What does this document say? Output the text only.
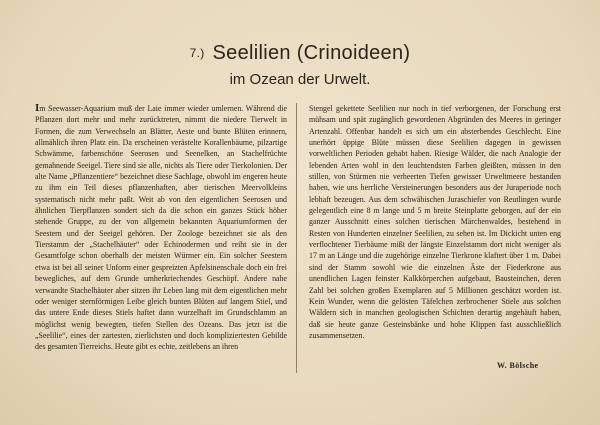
7.) Seelilien (Crinoideen)
im Ozean der Urwelt.

Im Seewasser-Aquarium muß der Laie immer wieder umlernen. Während die Pflanzen dort mehr und mehr zurücktreten, nimmt die niedere Tierwelt in Formen, die zum Verwechseln an Blätter, Aeste und bunte Blüten erinnern, allmählich ihren Platz ein. Da erscheinen verästelte Korallenbäume, pilzartige Schwämme, farbenschöne Seerosen und Seenelken, an Stachelfrüchte gemahnende Seeigel. Tiere sind sie alle, nichts als Tiere oder Tierkolonien. Der alte Name „Pflanzentiere“ bezeichnet diese Sachlage, obwohl im engeren heute zu ihm ein Teil dieses pflanzenhaften, aber tierischen Meervolkleins systematisch nicht mehr paßt. Weit ab von den eigentlichen Seerosen und ähnlichen Tierpflanzen sondert sich da die schon ein ganzes Stück höher stehende Gruppe, zu der von allgemein bekannten Aquariumformen der Seestern und der Seeigel gehören. Der Zoologe bezeichnet sie als den Tierstamm der „Stachelhäuter“ oder Echinodermen und reiht sie in der Gesamtfolge schon oberhalb der meisten Würmer ein. Ein solcher Seestern etwa ist bei all seiner Unform einer gespreizten Apfelsinenschale doch ein frei bewegliches, auf dem Grunde umherkriechendes Geschöpf. Andere nahe verwandte Stachelhäuter aber sitzen ihr Leben lang mit dem eigentlichen mehr oder weniger sternförmigen Leibe gleich bunten Blüten auf langem Stiel, und das untere Ende dieses Stiels haftet dann wurzelhaft im Grundschlamm an möglichst wenig bewegten, tiefen Stellen des Ozeans. Das jetzt ist die „Seelilie“, eines der zartesten, zierlichsten und doch kompliziertesten Gebilde des gesamten Tierreichs. Heute gibt es echte, zeitlebens an ihren

Stengel gekettete Seelilien nur noch in tief verborgenen, der Forschung erst mühsam und spät zugänglich gewordenen Abgründen des Meeres in geringer Artenzahl. Offenbar handelt es sich um ein absterbendes Geschlecht. Eine unerhört üppige Blüte müssen diese Seelilien dagegen in gewissen vorweltlichen Perioden gehabt haben. Riesige Wälder, die nach Analogie der lebenden Arten wohl in den leuchtendsten Farben gleißten, müssen in den stillen, von Stürmen nie verheerten Tiefen gewisser Urweltmeere bestanden haben, wie uns herrliche Versteinerungen besonders aus der Juraperiode noch lebhaft bezeugen. Aus dem schwäbischen Juraschiefer von Reutlingen wurde gelegentlich eine 8 m lange und 5 m breite Steinplatte geborgen, auf der ein ganzer Ausschnitt eines solchen tierischen Märchenwaldes, bestehend in Resten von Hunderten einzelner Seelilien, zu sehen ist. Im Dickicht unten eng verflochtener Tierbäume mißt der längste Einzelstamm dort nicht weniger als 17 m an Länge und die zugehörige einzelne Tierkrone klaftert über 1 m. Dabei sind der Stamm sowohl wie die einzelnen Äste der Fiederkrone aus unendlichen Lagen feinster Kalkkörperchen aufgebaut, Bausteinchen, deren Zahl bei solchen großen Exemplaren auf 5 Millionen geschätzt worden ist. Kein Wunder, wenn die gelösten Täfelchen zerbrochener Stiele aus solchen Wäldern sich in manchen geologischen Schichten derartig angehäuft haben, daß sie heute ganze Gesteinsbänke und hohe Klippen fast ausschließlich zusammensetzen.

W. Bölsche
